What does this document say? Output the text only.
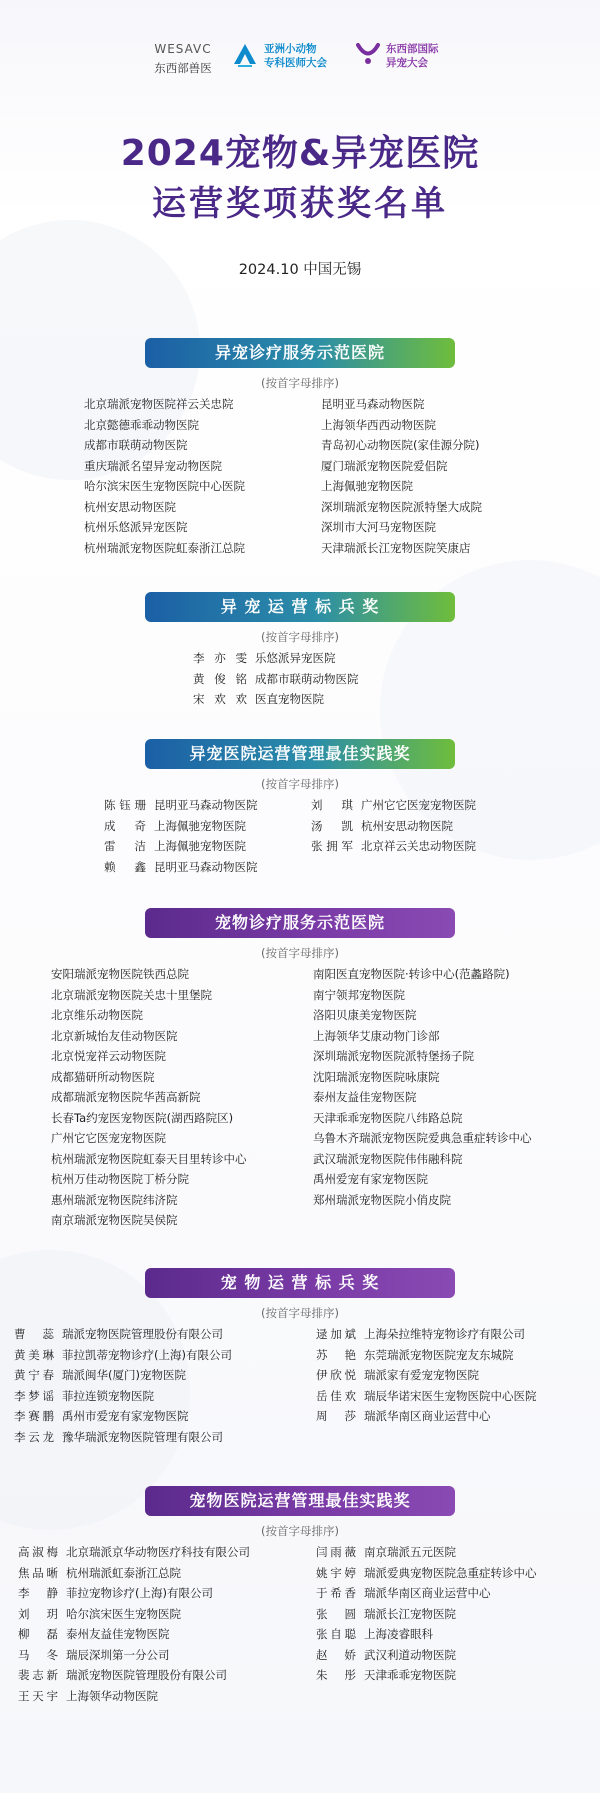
WESAVC
东西部兽医
亚洲小动物
专科医师大会
东西部国际
异宠大会
2024宠物&异宠医院
运营奖项获奖名单
2024.10 中国无锡
异宠诊疗服务示范医院
(按首字母排序)
北京瑞派宠物医院祥云关忠院
北京懿德乖乖动物医院
成都市联萌动物医院
重庆瑞派名望异宠动物医院
哈尔滨宋医生宠物医院中心医院
杭州安思动物医院
杭州乐悠派异宠医院
杭州瑞派宠物医院虹泰浙江总院
昆明亚马森动物医院
上海领华西西动物医院
青岛初心动物医院(家佳源分院)
厦门瑞派宠物医院爱侣院
上海佩驰宠物医院
深圳瑞派宠物医院派特堡大成院
深圳市大河马宠物医院
天津瑞派长江宠物医院笑康店
异 宠 运 营 标 兵 奖
(按首字母排序)
李亦雯 乐悠派异宠医院
黄俊铭 成都市联萌动物医院
宋欢欢 医直宠物医院
异宠医院运营管理最佳实践奖
(按首字母排序)
陈钰珊 昆明亚马森动物医院
成奇 上海佩驰宠物医院
雷洁 上海佩驰宠物医院
赖鑫 昆明亚马森动物医院
刘琪 广州它它医宠宠物医院
汤凯 杭州安思动物医院
张拥军 北京祥云关忠动物医院
宠物诊疗服务示范医院
(按首字母排序)
安阳瑞派宠物医院铁西总院
北京瑞派宠物医院关忠十里堡院
北京维乐动物医院
北京新城怡友佳动物医院
北京悦宠祥云动物医院
成都猫研所动物医院
成都瑞派宠物医院华茜高新院
长春Ta约宠医宠物医院(湖西路院区)
广州它它医宠宠物医院
杭州瑞派宠物医院虹泰天目里转诊中心
杭州万佳动物医院丁桥分院
惠州瑞派宠物医院纬济院
南京瑞派宠物医院吴侯院
南阳医直宠物医院·转诊中心(范蠡路院)
南宁领邦宠物医院
洛阳贝康美宠物医院
上海领华艾康动物门诊部
深圳瑞派宠物医院派特堡扬子院
沈阳瑞派宠物医院咏康院
泰州友益佳宠物医院
天津乖乖宠物医院八纬路总院
乌鲁木齐瑞派宠物医院爱典急重症转诊中心
武汉瑞派宠物医院伟伟融科院
禹州爱宠有家宠物医院
郑州瑞派宠物医院小俏皮院
宠 物 运 营 标 兵 奖
(按首字母排序)
曹蕊 瑞派宠物医院管理股份有限公司
黄美琳 菲拉凯蒂宠物诊疗(上海)有限公司
黄宁春 瑞派闽华(厦门)宠物医院
李梦谣 菲拉连锁宠物医院
李赛鹏 禹州市爱宠有家宠物医院
李云龙 豫华瑞派宠物医院管理有限公司
逯加斌 上海朵拉维特宠物诊疗有限公司
苏艳 东莞瑞派宠物医院宠友东城院
伊欣悦 瑞派家有爱宠宠物医院
岳佳欢 瑞辰华诺宋医生宠物医院中心医院
周莎 瑞派华南区商业运营中心
宠物医院运营管理最佳实践奖
(按首字母排序)
高淑梅 北京瑞派京华动物医疗科技有限公司
焦品晰 杭州瑞派虹泰浙江总院
李静 菲拉宠物诊疗(上海)有限公司
刘玥 哈尔滨宋医生宠物医院
柳磊 泰州友益佳宠物医院
马冬 瑞辰深圳第一分公司
裴志新 瑞派宠物医院管理股份有限公司
王天宇 上海领华动物医院
闫雨薇 南京瑞派五元医院
姚宇婷 瑞派爱典宠物医院急重症转诊中心
于希香 瑞派华南区商业运营中心
张圆 瑞派长江宠物医院
张自聪 上海凌睿眼科
赵娇 武汉利道动物医院
朱彤 天津乖乖宠物医院
